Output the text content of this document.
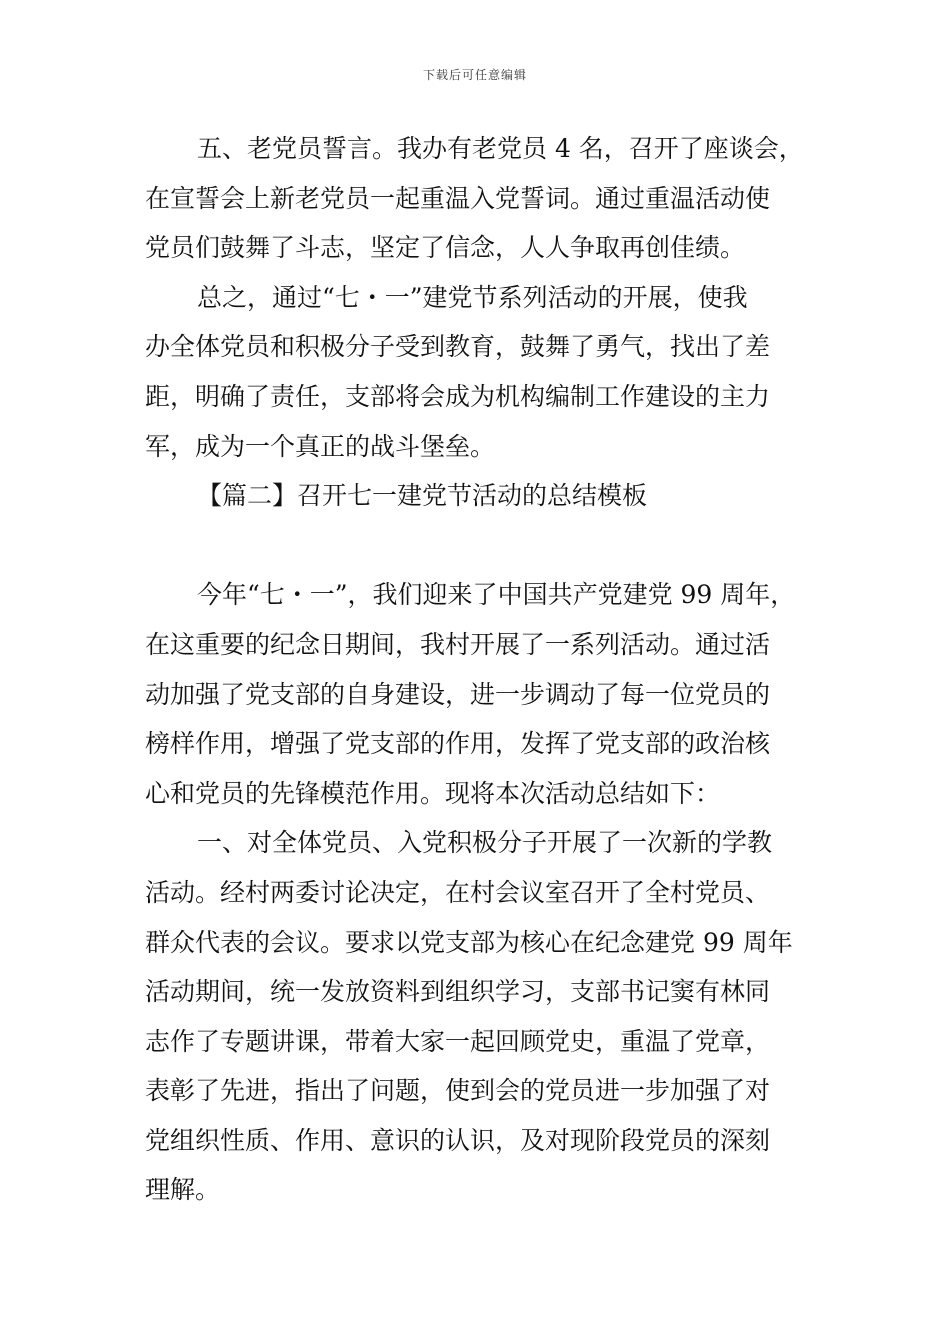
下载后可任意编辑
五、老党员誓言。我办有老党员 4 名，召开了座谈会，
在宣誓会上新老党员一起重温入党誓词。通过重温活动使
党员们鼓舞了斗志，坚定了信念，人人争取再创佳绩。
总之，通过“七・一”建党节系列活动的开展，使我
办全体党员和积极分子受到教育，鼓舞了勇气，找出了差
距，明确了责任，支部将会成为机构编制工作建设的主力
军，成为一个真正的战斗堡垒。
【篇二】召开七一建党节活动的总结模板
今年“七・一”，我们迎来了中国共产党建党 99 周年，
在这重要的纪念日期间，我村开展了一系列活动。通过活
动加强了党支部的自身建设，进一步调动了每一位党员的
榜样作用，增强了党支部的作用，发挥了党支部的政治核
心和党员的先锋模范作用。现将本次活动总结如下：
一、对全体党员、入党积极分子开展了一次新的学教
活动。经村两委讨论决定，在村会议室召开了全村党员、
群众代表的会议。要求以党支部为核心在纪念建党 99 周年
活动期间，统一发放资料到组织学习，支部书记窦有林同
志作了专题讲课，带着大家一起回顾党史，重温了党章，
表彰了先进，指出了问题，使到会的党员进一步加强了对
党组织性质、作用、意识的认识，及对现阶段党员的深刻
理解。
